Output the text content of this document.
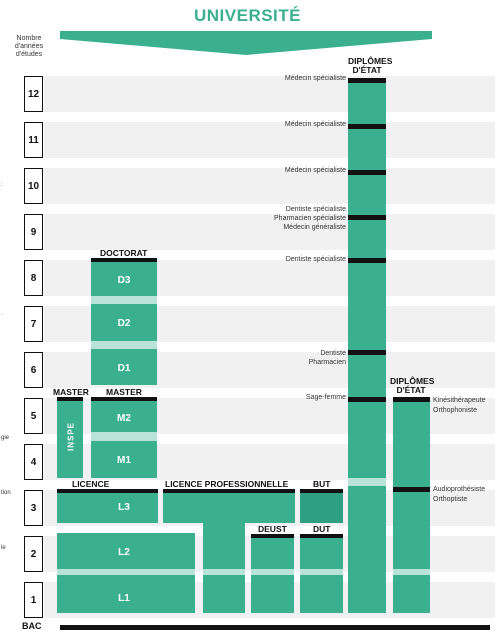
UNIVERSITÉ
Nombre d'années d'études
12
11
10
9
8
7
6
5
4
3
2
1
:
·
gie
tion
le
LICENCE
L3
L2
L1
LICENCE PROFESSIONNELLE
DEUST
BUT
DUT
MASTER
INSPE
MASTER
M2
M1
DOCTORAT
D3
D2
D1
DIPLÔMES
D'ÉTAT
Médecin spécialiste
Médecin spécialiste
Médecin spécialiste
Dentiste spécialiste
Pharmacien spécialiste
Médecin généraliste
Dentiste spécialiste
Dentiste
Pharmacien
Sage-femme
DIPLÔMES
D'ÉTAT
Kinésithérapeute
Orthophoniste
Audioprothésiste
Orthoptiste
BAC
